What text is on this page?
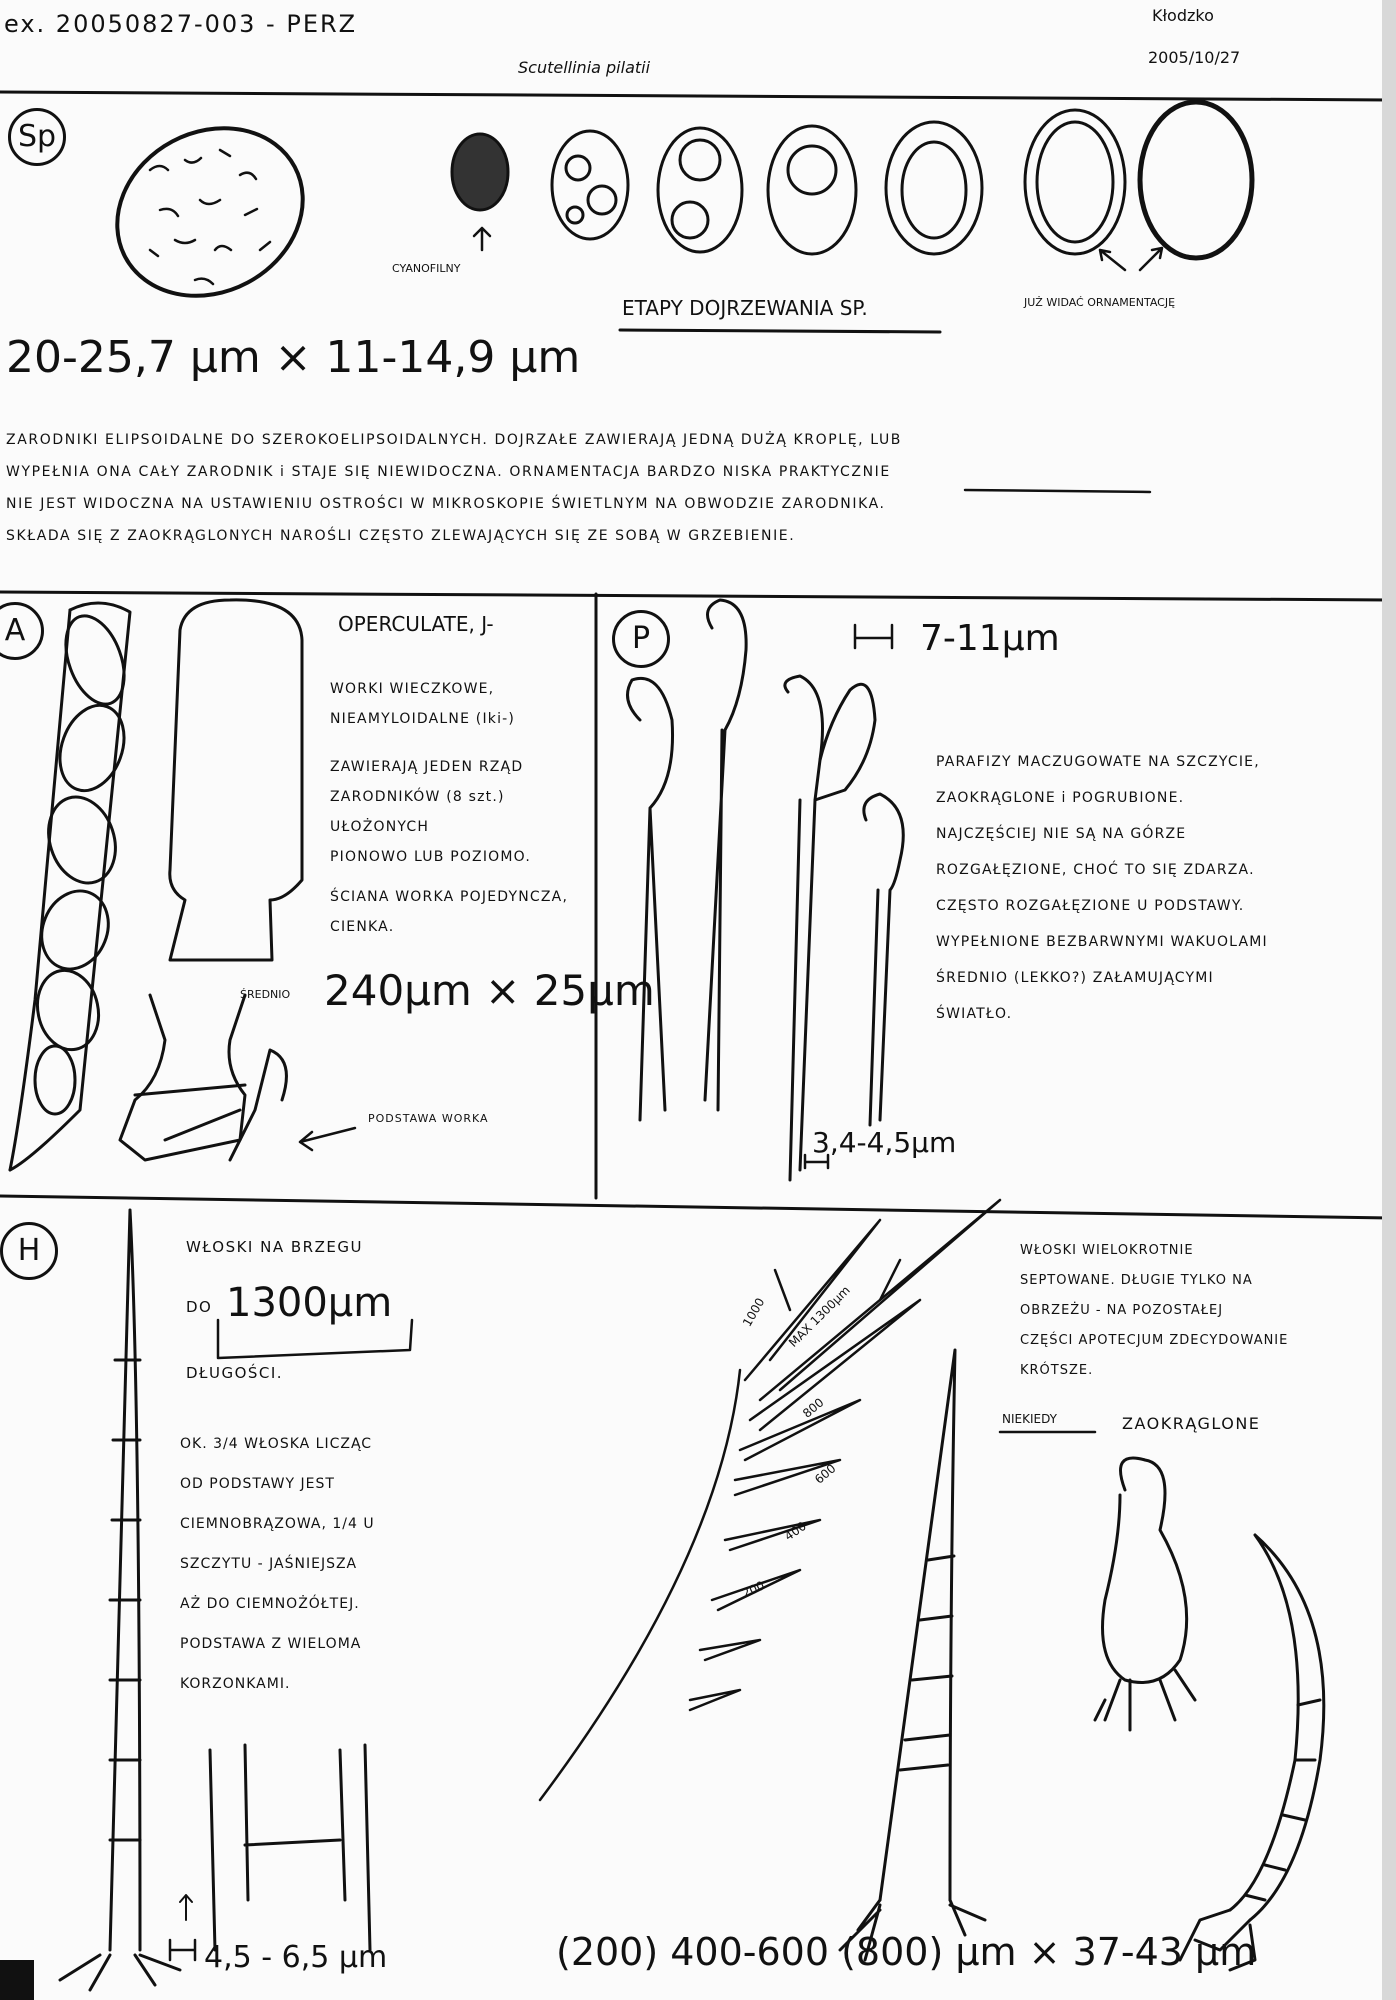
ex. 20050827-003 - PERZ
Scutellinia pilatii
Kłodzko
2005/10/27
Sp
CYANOFILNY
ETAPY DOJRZEWANIA SP.	JUŻ WIDAĆ ORNAMENTACJĘ
20-25,7 μm × 11-14,9 μm
ZARODNIKI ELIPSOIDALNE DO SZEROKOELIPSOIDALNYCH. DOJRZAŁE ZAWIERAJĄ JEDNĄ DUŻĄ KROPLĘ, LUB
WYPEŁNIA ONA CAŁY ZARODNIK i STAJE SIĘ NIEWIDOCZNA. ORNAMENTACJA BARDZO NISKA PRAKTYCZNIE
NIE JEST WIDOCZNA NA USTAWIENIU OSTROŚCI W MIKROSKOPIE ŚWIETLNYM NA OBWODZIE ZARODNIKA.
SKŁADA SIĘ Z ZAOKRĄGLONYCH NAROŚLI CZĘSTO ZLEWAJĄCYCH SIĘ ZE SOBĄ W GRZEBIENIE.
A	OPERCULATE, J-
WORKI WIECZKOWE,
NIEAMYLOIDALNE (Iki-)
ZAWIERAJĄ JEDEN RZĄD
ZARODNIKÓW (8 szt.) UŁOŻONYCH
PIONOWO LUB POZIOMO.
ŚCIANA WORKA POJEDYNCZA,
CIENKA.
ŚREDNIO 240μm × 25μm
PODSTAWA WORKA
P	7-11μm
PARAFIZY MACZUGOWATE NA SZCZYCIE,
ZAOKRĄGLONE i POGRUBIONE.
NAJCZĘŚCIEJ NIE SĄ NA GÓRZE
ROZGAŁĘZIONE, CHOĆ TO SIĘ ZDARZA.
CZĘSTO ROZGAŁĘZIONE U PODSTAWY.
WYPEŁNIONE BEZBARWNYMI WAKUOLAMI
ŚREDNIO (LEKKO?) ZAŁAMUJĄCYMI
ŚWIATŁO.
3,4-4,5μm
H	WŁOSKI NA BRZEGU
DO 1300μm
DŁUGOŚCI.
OK. 3/4 WŁOSKA LICZĄC
OD PODSTAWY JEST
CIEMNOBRĄZOWA, 1/4 U
SZCZYTU - JAŚNIEJSZA
AŻ DO CIEMNOŻÓŁTEJ.
PODSTAWA Z WIELOMA
KORZONKAMI.
WŁOSKI WIELOKROTNIE
SEPTOWANE. DŁUGIE TYLKO NA
OBRZEŻU - NA POZOSTAŁEJ
CZĘŚCI APOTECJUM ZDECYDOWANIE
KRÓTSZE.
NIEKIEDY	ZAOKRĄGLONE
1000 MAX 1300μm
800
600
400
200
4,5 - 6,5 μm	(200) 400-600 (800) μm × 37-43 μm
